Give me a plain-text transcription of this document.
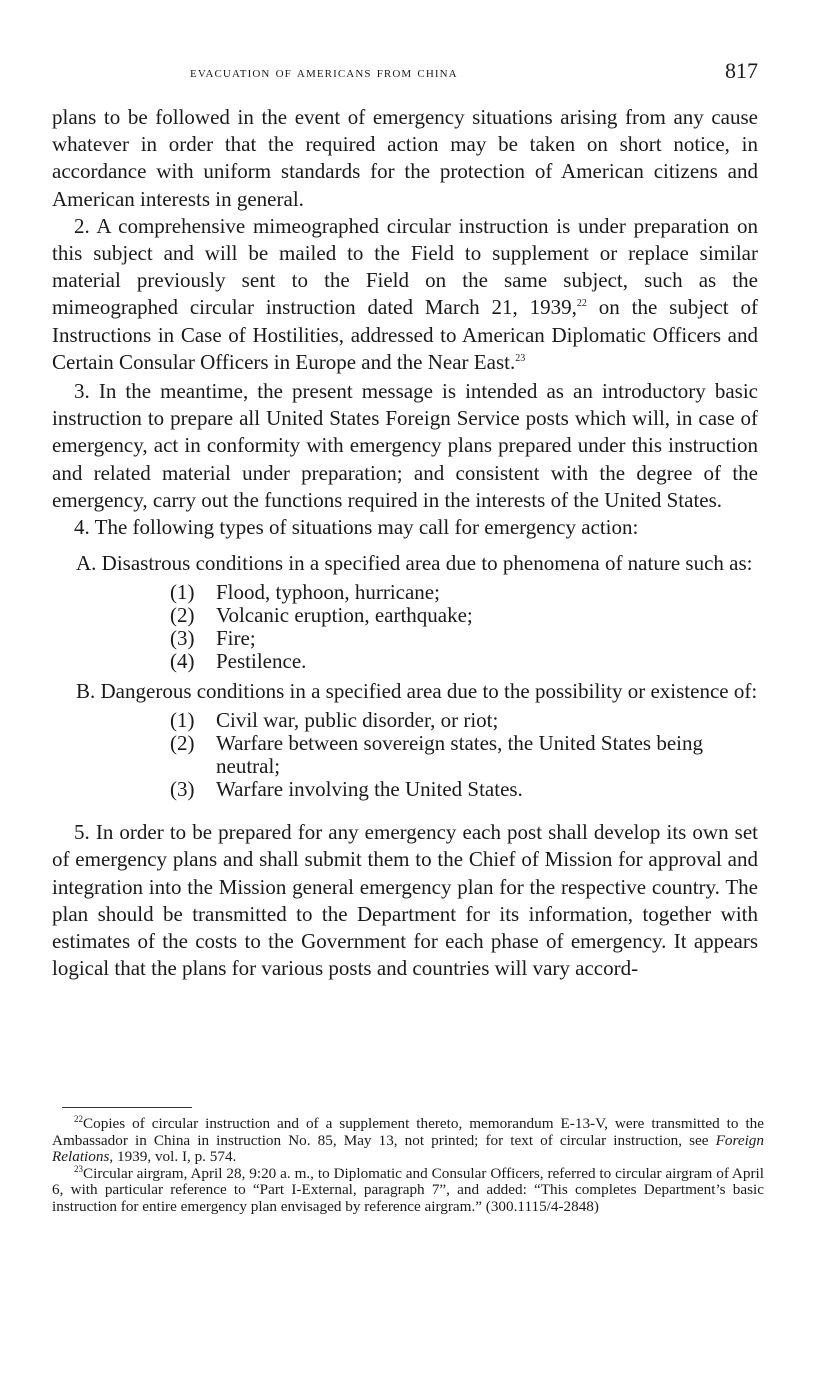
evacuation of americans from china	817

plans to be followed in the event of emergency situations arising from any cause whatever in order that the required action may be taken on short notice, in accordance with uniform standards for the protection of American citizens and American interests in general.

2. A comprehensive mimeographed circular instruction is under preparation on this subject and will be mailed to the Field to supplement or replace similar material previously sent to the Field on the same subject, such as the mimeographed circular instruction dated March 21, 1939,22 on the subject of Instructions in Case of Hostilities, addressed to American Diplomatic Officers and Certain Consular Officers in Europe and the Near East.$^{23}$

3. In the meantime, the present message is intended as an introductory basic instruction to prepare all United States Foreign Service posts which will, in case of emergency, act in conformity with emergency plans prepared under this instruction and related material under preparation; and consistent with the degree of the emergency, carry out the functions required in the interests of the United States.

4. The following types of situations may call for emergency action:

A. Disastrous conditions in a specified area due to phenomena of nature such as:

(1) Flood, typhoon, hurricane;

(2) Volcanic eruption, earthquake;

(3) Fire;

(4) Pestilence.

B. Dangerous conditions in a specified area due to the possibility or existence of:

(1) Civil war, public disorder, or riot;

(2) Warfare between sovereign states, the United States being neutral;

(3) Warfare involving the United States.

5. In order to be prepared for any emergency each post shall develop its own set of emergency plans and shall submit them to the Chief of Mission for approval and integration into the Mission general emergency plan for the respective country. The plan should be transmitted to the Department for its information, together with estimates of the costs to the Government for each phase of emergency. It appears logical that the plans for various posts and countries will vary accord-

$^{22}$Copies of circular instruction and of a supplement thereto, memorandum E-13-V, were transmitted to the Ambassador in China in instruction No. 85, May 13, not printed; for text of circular instruction, see Foreign Relations, 1939, vol. I, p. 574.

$^{23}$Circular airgram, April 28, 9:20 a. m., to Diplomatic and Consular Officers, referred to circular airgram of April 6, with particular reference to “Part I-External, paragraph 7”, and added: “This completes Department’s basic instruction for entire emergency plan envisaged by reference airgram.” (300.1115/4-2848)
